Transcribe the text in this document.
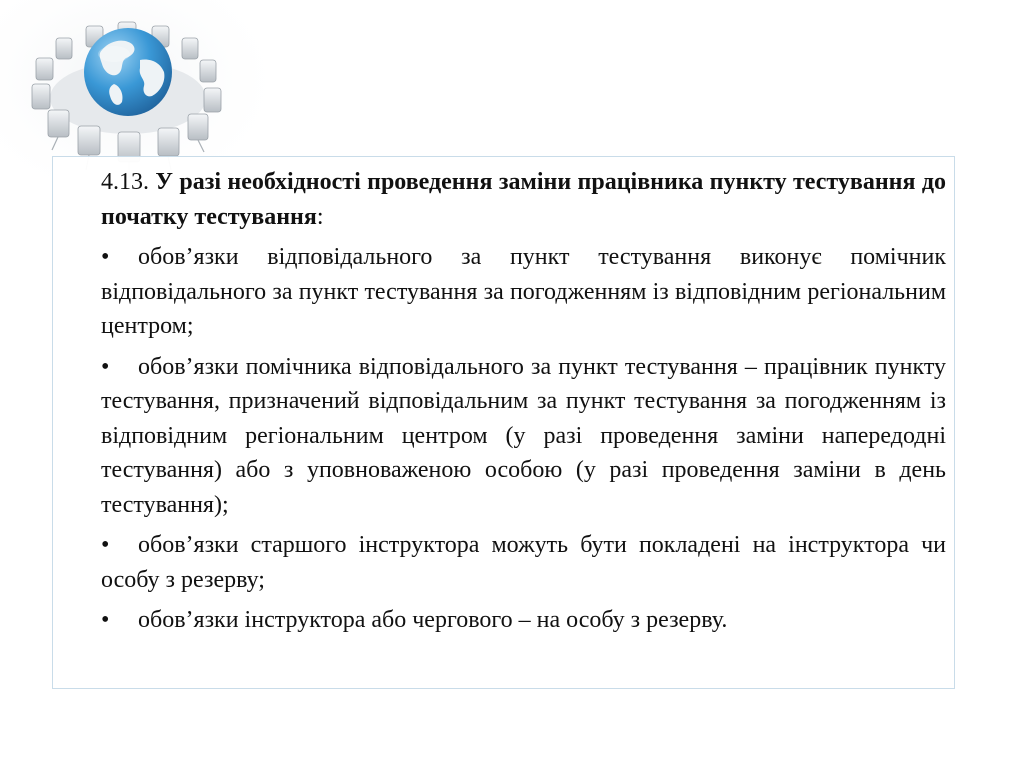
4.13. У разі необхідності проведення заміни працівника пункту тестування до початку тестування:

• обов’язки відповідального за пункт тестування виконує помічник відповідального за пункт тестування за погодженням із відповідним регіональним центром;

• обов’язки помічника відповідального за пункт тестування – працівник пункту тестування, призначений відповідальним за пункт тестування за погодженням із відповідним регіональним центром (у разі проведення заміни напередодні тестування) або з уповноваженою особою (у разі проведення заміни в день тестування);

• обов’язки старшого інструктора можуть бути покладені на інструктора чи особу з резерву;

• обов’язки інструктора або чергового – на особу з резерву.
